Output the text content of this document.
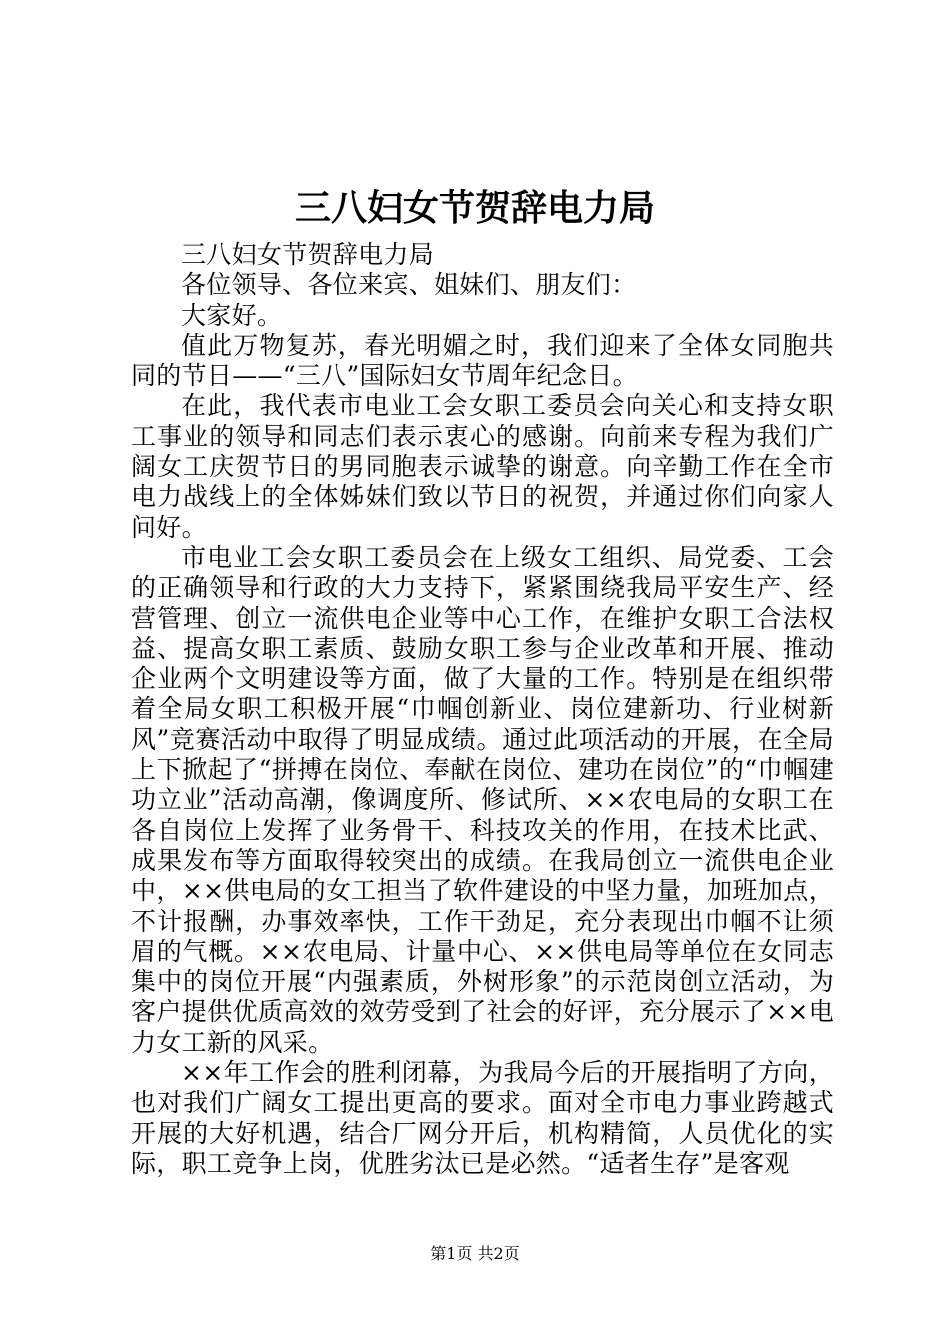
三八妇女节贺辞电力局

三八妇女节贺辞电力局

各位领导、各位来宾、姐妹们、朋友们：

大家好。

值此万物复苏，春光明媚之时，我们迎来了全体女同胞共同的节日——“三八”国际妇女节周年纪念日。

在此，我代表市电业工会女职工委员会向关心和支持女职工事业的领导和同志们表示衷心的感谢。向前来专程为我们广阔女工庆贺节日的男同胞表示诚挚的谢意。向辛勤工作在全市电力战线上的全体姊妹们致以节日的祝贺，并通过你们向家人问好。

市电业工会女职工委员会在上级女工组织、局党委、工会的正确领导和行政的大力支持下，紧紧围绕我局平安生产、经营管理、创立一流供电企业等中心工作，在维护女职工合法权益、提高女职工素质、鼓励女职工参与企业改革和开展、推动企业两个文明建设等方面，做了大量的工作。特别是在组织带着全局女职工积极开展“巾帼创新业、岗位建新功、行业树新风”竞赛活动中取得了明显成绩。通过此项活动的开展，在全局上下掀起了“拼搏在岗位、奉献在岗位、建功在岗位”的“巾帼建功立业”活动高潮，像调度所、修试所、××农电局的女职工在各自岗位上发挥了业务骨干、科技攻关的作用，在技术比武、成果发布等方面取得较突出的成绩。在我局创立一流供电企业中，××供电局的女工担当了软件建设的中坚力量，加班加点，不计报酬，办事效率快，工作干劲足，充分表现出巾帼不让须眉的气概。××农电局、计量中心、××供电局等单位在女同志集中的岗位开展“内强素质，外树形象”的示范岗创立活动，为客户提供优质高效的效劳受到了社会的好评，充分展示了××电力女工新的风采。

××年工作会的胜利闭幕，为我局今后的开展指明了方向，也对我们广阔女工提出更高的要求。面对全市电力事业跨越式开展的大好机遇，结合厂网分开后，机构精简，人员优化的实际，职工竞争上岗，优胜劣汰已是必然。“适者生存”是客观

第1页 共2页
